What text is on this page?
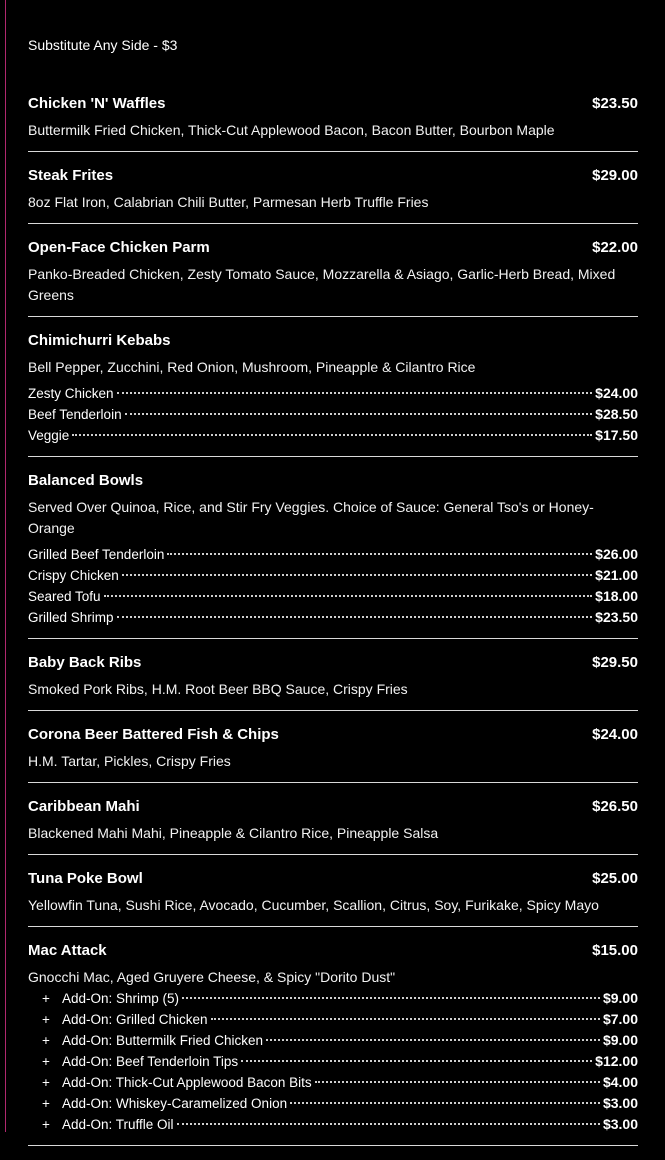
Substitute Any Side - $3
Chicken 'N' Waffles	$23.50
Buttermilk Fried Chicken, Thick-Cut Applewood Bacon, Bacon Butter, Bourbon Maple
Steak Frites	$29.00
8oz Flat Iron, Calabrian Chili Butter, Parmesan Herb Truffle Fries
Open-Face Chicken Parm	$22.00
Panko-Breaded Chicken, Zesty Tomato Sauce, Mozzarella & Asiago, Garlic-Herb Bread, Mixed Greens
Chimichurri Kebabs
Bell Pepper, Zucchini, Red Onion, Mushroom, Pineapple & Cilantro Rice
Zesty Chicken	$24.00
Beef Tenderloin	$28.50
Veggie	$17.50
Balanced Bowls
Served Over Quinoa, Rice, and Stir Fry Veggies. Choice of Sauce: General Tso's or Honey-Orange
Grilled Beef Tenderloin	$26.00
Crispy Chicken	$21.00
Seared Tofu	$18.00
Grilled Shrimp	$23.50
Baby Back Ribs	$29.50
Smoked Pork Ribs, H.M. Root Beer BBQ Sauce, Crispy Fries
Corona Beer Battered Fish & Chips	$24.00
H.M. Tartar, Pickles, Crispy Fries
Caribbean Mahi	$26.50
Blackened Mahi Mahi, Pineapple & Cilantro Rice, Pineapple Salsa
Tuna Poke Bowl	$25.00
Yellowfin Tuna, Sushi Rice, Avocado, Cucumber, Scallion, Citrus, Soy, Furikake, Spicy Mayo
Mac Attack	$15.00
Gnocchi Mac, Aged Gruyere Cheese, & Spicy "Dorito Dust"
+ Add-On: Shrimp (5)	$9.00
+ Add-On: Grilled Chicken	$7.00
+ Add-On: Buttermilk Fried Chicken	$9.00
+ Add-On: Beef Tenderloin Tips	$12.00
+ Add-On: Thick-Cut Applewood Bacon Bits	$4.00
+ Add-On: Whiskey-Caramelized Onion	$3.00
+ Add-On: Truffle Oil	$3.00
